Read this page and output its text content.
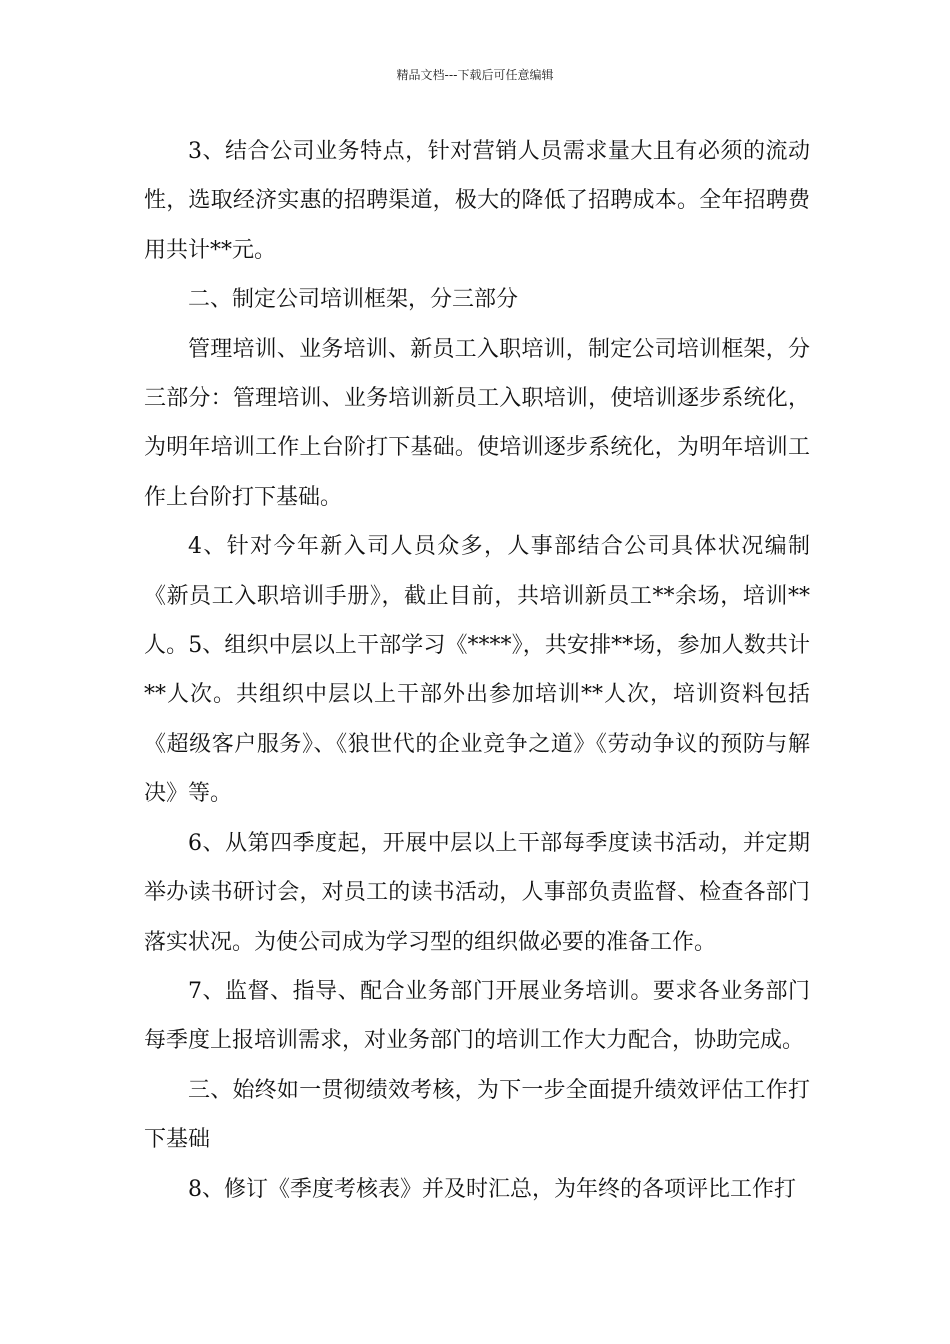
精品文档---下载后可任意编辑

3、结合公司业务特点，针对营销人员需求量大且有必须的流动性，选取经济实惠的招聘渠道，极大的降低了招聘成本。全年招聘费用共计**元。

二、制定公司培训框架，分三部分

管理培训、业务培训、新员工入职培训，制定公司培训框架，分三部分：管理培训、业务培训新员工入职培训，使培训逐步系统化，为明年培训工作上台阶打下基础。使培训逐步系统化，为明年培训工作上台阶打下基础。

4、针对今年新入司人员众多，人事部结合公司具体状况编制《新员工入职培训手册》，截止目前，共培训新员工**余场，培训**人。5、组织中层以上干部学习《****》，共安排**场，参加人数共计**人次。共组织中层以上干部外出参加培训**人次，培训资料包括《超级客户服务》、《狼世代的企业竞争之道》《劳动争议的预防与解决》等。

6、从第四季度起，开展中层以上干部每季度读书活动，并定期举办读书研讨会，对员工的读书活动，人事部负责监督、检查各部门落实状况。为使公司成为学习型的组织做必要的准备工作。

7、监督、指导、配合业务部门开展业务培训。要求各业务部门每季度上报培训需求，对业务部门的培训工作大力配合，协助完成。

三、始终如一贯彻绩效考核，为下一步全面提升绩效评估工作打下基础

8、修订《季度考核表》并及时汇总，为年终的各项评比工作打
